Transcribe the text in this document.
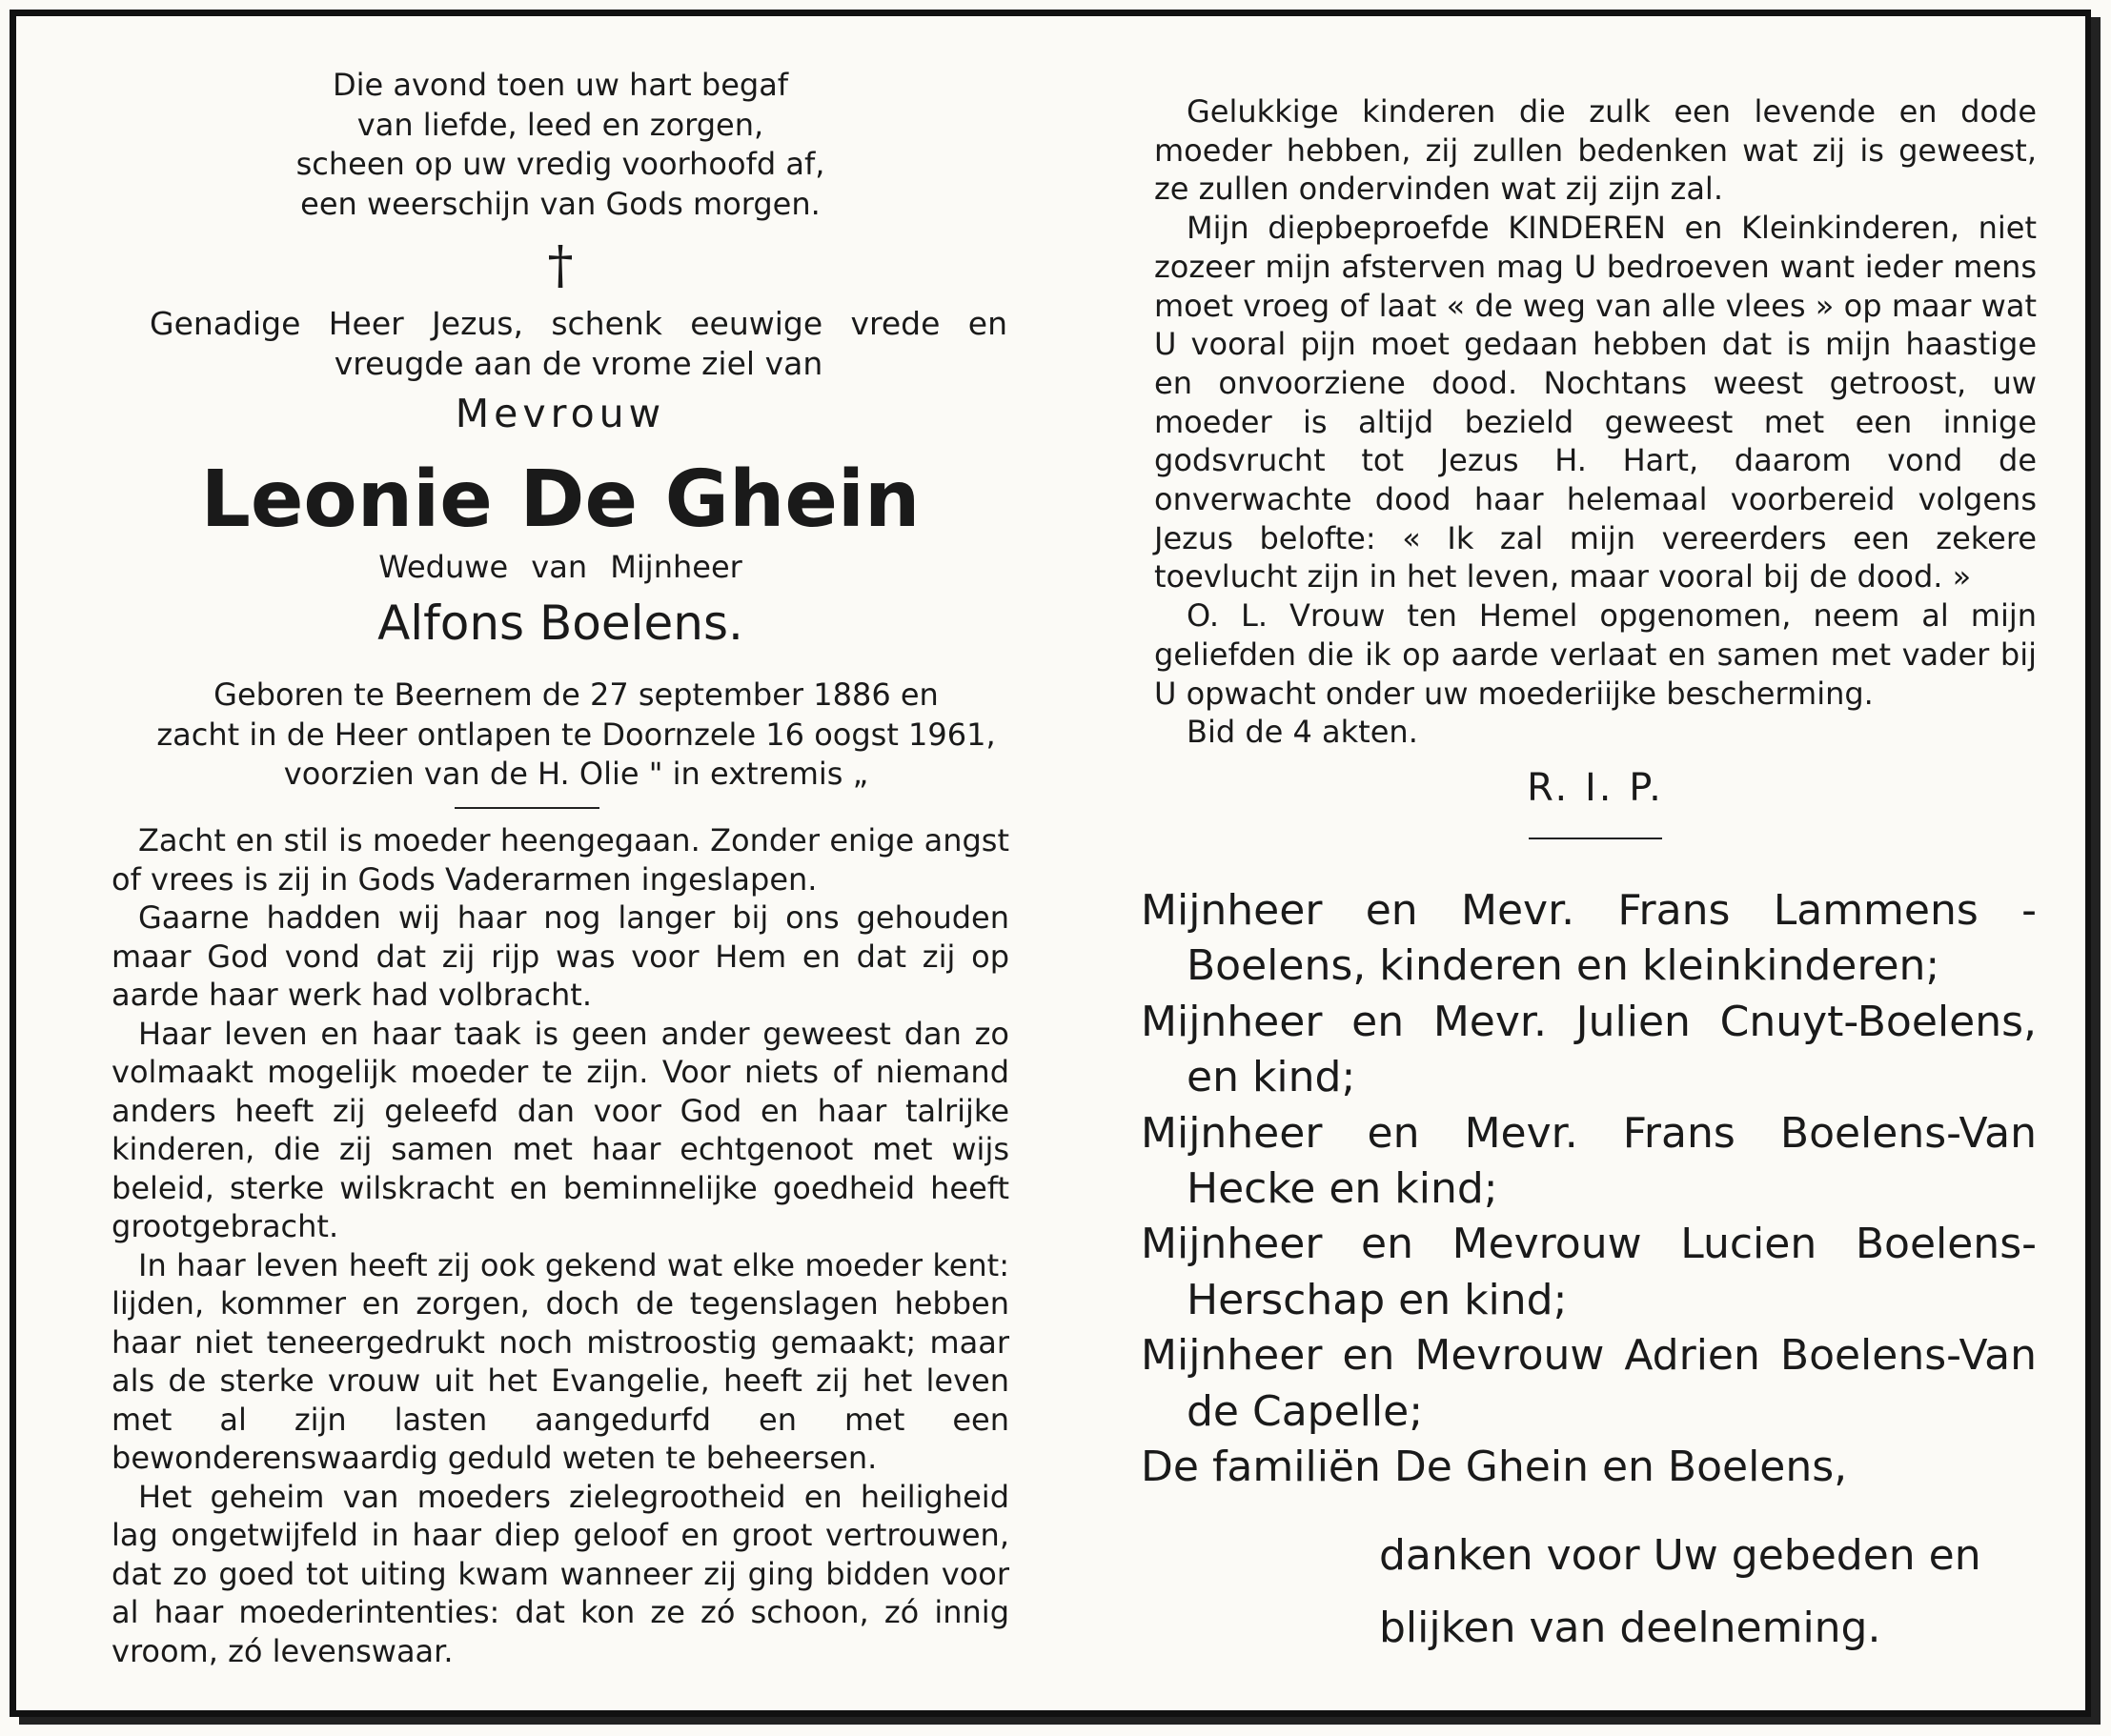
Die avond toen uw hart begaf

van liefde, leed en zorgen,

scheen op uw vredig voorhoofd af,

een weerschijn van Gods morgen.

†
Genadige Heer Jezus, schenk eeuwige vrede en vreugde aan de vrome ziel van
Mevrouw
Leonie De Ghein
Weduwe van Mijnheer
Alfons Boelens.

Geboren te Beernem de 27 september 1886 en

zacht in de Heer ontlapen te Doornzele 16 oogst 1961,

voorzien van de H. Olie " in extremis „

Zacht en stil is moeder heengegaan. Zonder enige angst of vrees is zij in Gods Vaderarmen ingeslapen.

Gaarne hadden wij haar nog langer bij ons gehouden maar God vond dat zij rijp was voor Hem en dat zij op aarde haar werk had volbracht.

Haar leven en haar taak is geen ander geweest dan zo volmaakt mogelijk moeder te zijn. Voor niets of niemand anders heeft zij geleefd dan voor God en haar talrijke kinderen, die zij samen met haar echtgenoot met wijs beleid, sterke wilskracht en beminnelijke goedheid heeft grootgebracht.

In haar leven heeft zij ook gekend wat elke moeder kent: lijden, kommer en zorgen, doch de tegenslagen hebben haar niet teneergedrukt noch mistroostig gemaakt; maar als de sterke vrouw uit het Evangelie, heeft zij het leven met al zijn lasten aangedurfd en met een bewonderenswaardig geduld weten te beheersen.

Het geheim van moeders zielegrootheid en heiligheid lag ongetwijfeld in haar diep geloof en groot vertrouwen, dat zo goed tot uiting kwam wanneer zij ging bidden voor al haar moederintenties: dat kon ze zó schoon, zó innig vroom, zó levenswaar.

Gelukkige kinderen die zulk een levende en dode moeder hebben, zij zullen bedenken wat zij is geweest, ze zullen ondervinden wat zij zijn zal.

Mijn diepbeproefde KINDEREN en Kleinkinderen, niet zozeer mijn afsterven mag U bedroeven want ieder mens moet vroeg of laat « de weg van alle vlees » op maar wat U vooral pijn moet gedaan hebben dat is mijn haastige en onvoorziene dood. Nochtans weest getroost, uw moeder is altijd bezield geweest met een innige godsvrucht tot Jezus H. Hart, daarom vond de onverwachte dood haar helemaal voorbereid volgens Jezus belofte: « Ik zal mijn vereerders een zekere toevlucht zijn in het leven, maar vooral bij de dood. »

O. L. Vrouw ten Hemel opgenomen, neem al mijn geliefden die ik op aarde verlaat en samen met vader bij U opwacht onder uw moederiijke bescherming.

Bid de 4 akten.

R. I. P.

Mijnheer en Mevr. Frans Lammens - Boelens, kinderen en kleinkinderen;

Mijnheer en Mevr. Julien Cnuyt-Boelens, en kind;

Mijnheer en Mevr. Frans Boelens-Van Hecke en kind;

Mijnheer en Mevrouw Lucien Boelens-Herschap en kind;

Mijnheer en Mevrouw Adrien Boelens-Van de Capelle;

De familiën De Ghein en Boelens,

danken voor Uw gebeden en

blijken van deelneming.
